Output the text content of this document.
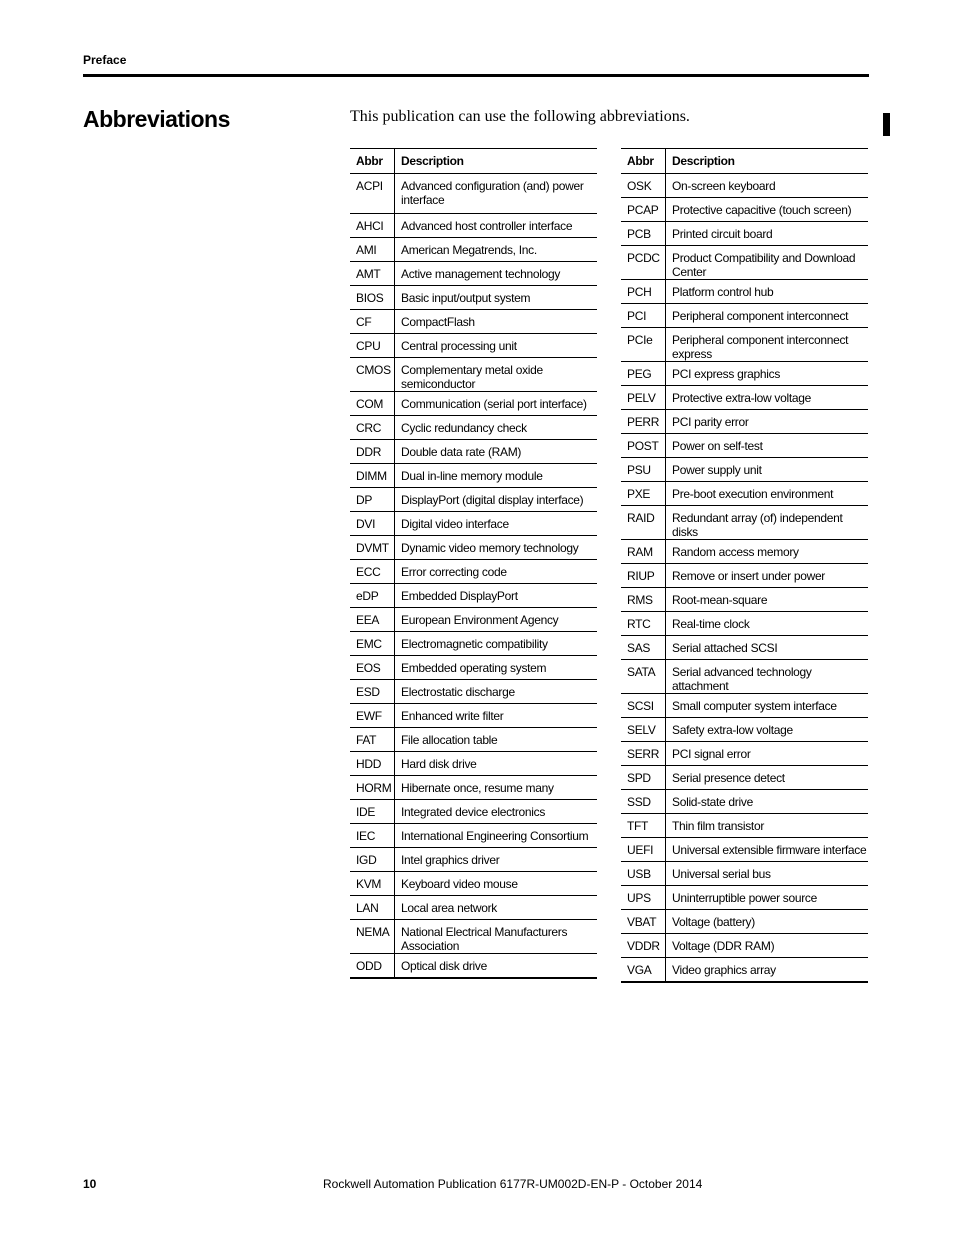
Preface
Abbreviations	This publication can use the following abbreviations.
Abbr	Description
ACPI	Advanced configuration (and) power interface
AHCI	Advanced host controller interface
AMI	American Megatrends, Inc.
AMT	Active management technology
BIOS	Basic input/output system
CF	CompactFlash
CPU	Central processing unit
CMOS	Complementary metal oxide semiconductor
COM	Communication (serial port interface)
CRC	Cyclic redundancy check
DDR	Double data rate (RAM)
DIMM	Dual in-line memory module
DP	DisplayPort (digital display interface)
DVI	Digital video interface
DVMT	Dynamic video memory technology
ECC	Error correcting code
eDP	Embedded DisplayPort
EEA	European Environment Agency
EMC	Electromagnetic compatibility
EOS	Embedded operating system
ESD	Electrostatic discharge
EWF	Enhanced write filter
FAT	File allocation table
HDD	Hard disk drive
HORM	Hibernate once, resume many
IDE	Integrated device electronics
IEC	International Engineering Consortium
IGD	Intel graphics driver
KVM	Keyboard video mouse
LAN	Local area network
NEMA	National Electrical Manufacturers Association
ODD	Optical disk drive
Abbr	Description
OSK	On-screen keyboard
PCAP	Protective capacitive (touch screen)
PCB	Printed circuit board
PCDC	Product Compatibility and Download Center
PCH	Platform control hub
PCI	Peripheral component interconnect
PCIe	Peripheral component interconnect express
PEG	PCI express graphics
PELV	Protective extra-low voltage
PERR	PCI parity error
POST	Power on self-test
PSU	Power supply unit
PXE	Pre-boot execution environment
RAID	Redundant array (of) independent disks
RAM	Random access memory
RIUP	Remove or insert under power
RMS	Root-mean-square
RTC	Real-time clock
SAS	Serial attached SCSI
SATA	Serial advanced technology attachment
SCSI	Small computer system interface
SELV	Safety extra-low voltage
SERR	PCI signal error
SPD	Serial presence detect
SSD	Solid-state drive
TFT	Thin film transistor
UEFI	Universal extensible firmware interface
USB	Universal serial bus
UPS	Uninterruptible power source
VBAT	Voltage (battery)
VDDR	Voltage (DDR RAM)
VGA	Video graphics array
10	Rockwell Automation Publication 6177R-UM002D-EN-P - October 2014
